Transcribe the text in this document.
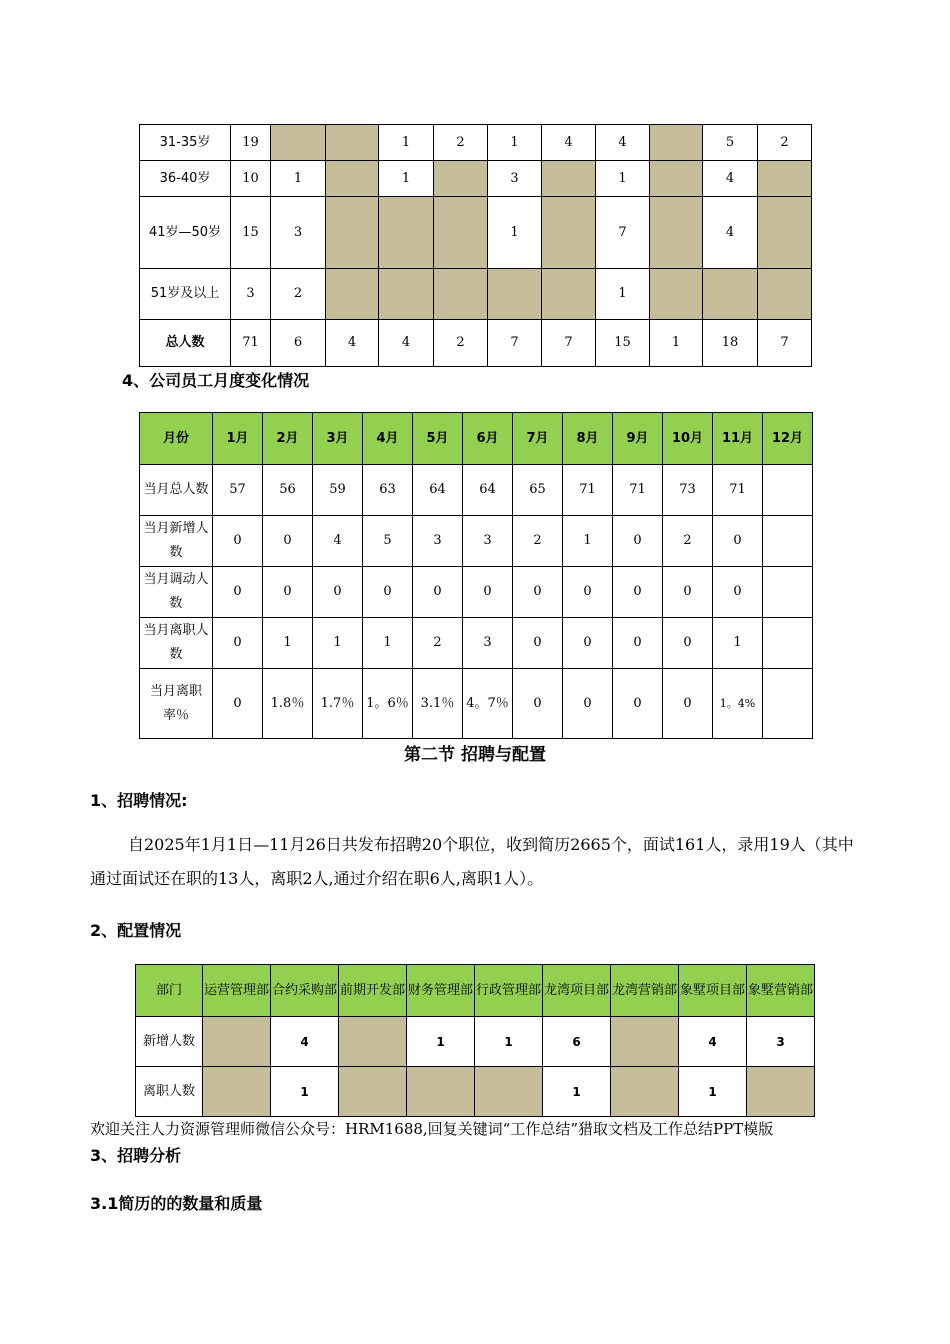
31-35岁	19			1	2	1	4	4		5	2
36-40岁	10	1		1		3		1		4	
41岁—50岁	15	3				1		7		4	
51岁及以上	3	2						1			
总人数	71	6	4	4	2	7	7	15	1	18	7
4、公司员工月度变化情况
月份	1月	2月	3月	4月	5月	6月	7月	8月	9月	10月	11月	12月
当月总人数	57	56	59	63	64	64	65	71	71	73	71	
当月新增人数	0	0	4	5	3	3	2	1	0	2	0	
当月调动人数	0	0	0	0	0	0	0	0	0	0	0	
当月离职人数	0	1	1	1	2	3	0	0	0	0	1	
当月离职率％	0	1.8％	1.7％	1。6％	3.1％	4。7％	0	0	0	0	1。4%	
第二节 招聘与配置
1、招聘情况:

自2025年1月1日—11月26日共发布招聘20个职位，收到简历2665个，面试161人，录用19人（其中通过面试还在职的13人，离职2人,通过介绍在职6人,离职1人）。

2、配置情况
部门	运营管理部	合约采购部	前期开发部	财务管理部	行政管理部	龙湾项目部	龙湾营销部	象墅项目部	象墅营销部
新增人数		4		1	1	6		4	3
离职人数		1				1		1	
欢迎关注人力资源管理师微信公众号：HRM1688,回复关键词“工作总结”猎取文档及工作总结PPT模版
3、招聘分析
3.1简历的的数量和质量
